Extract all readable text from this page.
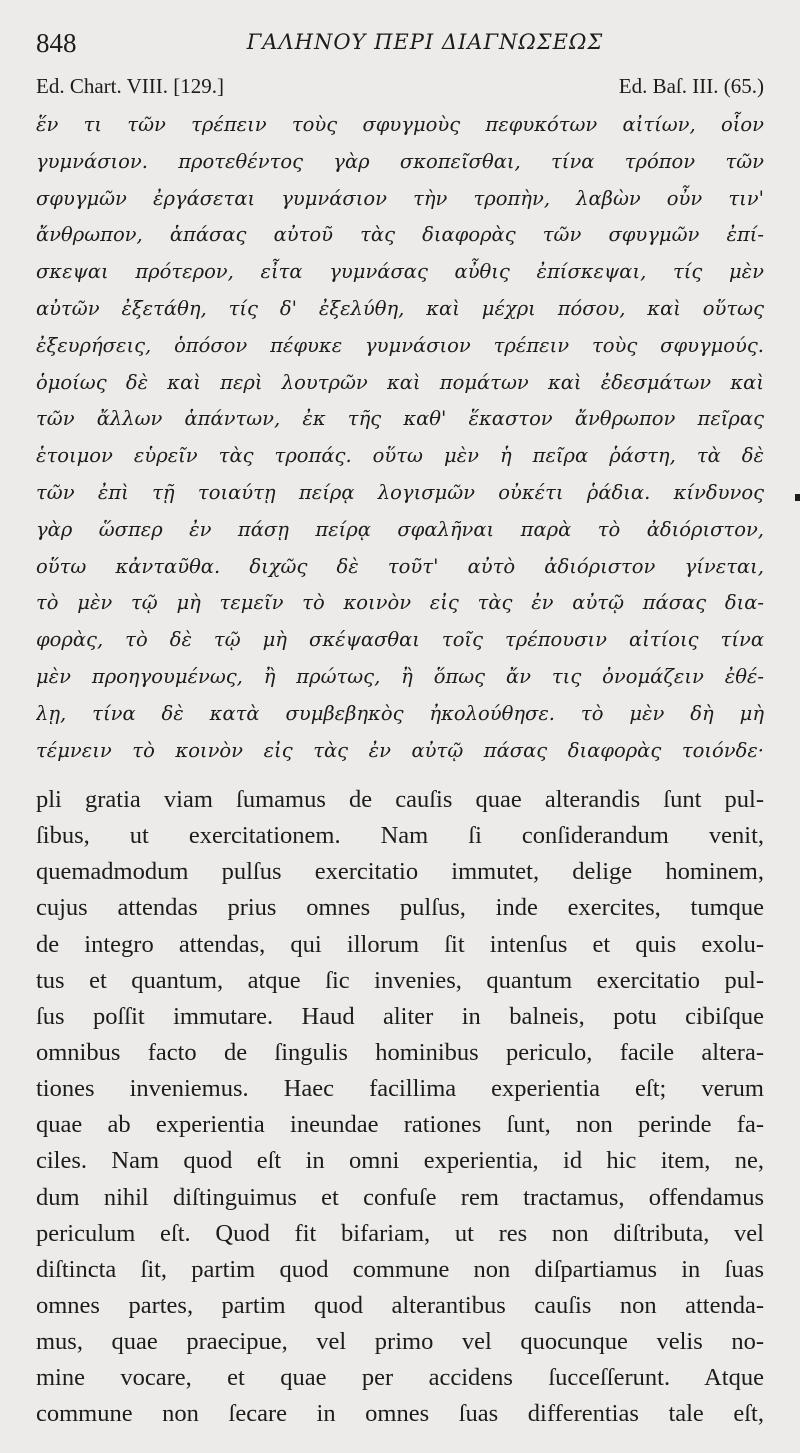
848	ΓΑΛΗΝΟΥ ΠΕΡΙ ΔΙΑΓΝΩΣΕΩΣ
Ed. Chart. VIII. [129.]	Ed. Baſ. III. (65.)
ἕν τι τῶν τρέπειν τοὺς σφυγμοὺς πεφυκότων αἰτίων, οἷον
γυμνάσιον. προτεθέντος γὰρ σκοπεῖσθαι, τίνα τρόπον τῶν
σφυγμῶν ἐργάσεται γυμνάσιον τὴν τροπὴν, λαβὼν οὖν τιν'
ἄνθρωπον, ἁπάσας αὐτοῦ τὰς διαφορὰς τῶν σφυγμῶν ἐπί-
σκεψαι πρότερον, εἶτα γυμνάσας αὖθις ἐπίσκεψαι, τίς μὲν
αὐτῶν ἐξετάθη, τίς δ' ἐξελύθη, καὶ μέχρι πόσου, καὶ οὕτως
ἐξευρήσεις, ὁπόσον πέφυκε γυμνάσιον τρέπειν τοὺς σφυγμούς.
ὁμοίως δὲ καὶ περὶ λουτρῶν καὶ πομάτων καὶ ἐδεσμάτων καὶ
τῶν ἄλλων ἁπάντων, ἐκ τῆς καθ' ἕκαστον ἄνθρωπον πεῖρας
ἑτοιμον εὑρεῖν τὰς τροπάς. οὕτω μὲν ἡ πεῖρα ῥάστη, τὰ δὲ
τῶν ἐπὶ τῇ τοιαύτῃ πείρᾳ λογισμῶν οὐκέτι ῥάδια. κίνδυνος
γὰρ ὥσπερ ἐν πάσῃ πείρᾳ σφαλῆναι παρὰ τὸ ἀδιόριστον,
οὕτω κἀνταῦθα. διχῶς δὲ τοῦτ' αὐτὸ ἀδιόριστον γίνεται,
τὸ μὲν τῷ μὴ τεμεῖν τὸ κοινὸν εἰς τὰς ἐν αὐτῷ πάσας δια-
φορὰς, τὸ δὲ τῷ μὴ σκέψασθαι τοῖς τρέπουσιν αἰτίοις τίνα
μὲν προηγουμένως, ἢ πρώτως, ἢ ὅπως ἄν τις ὀνομάζειν ἐθέ-
λῃ, τίνα δὲ κατὰ συμβεβηκὸς ἠκολούθησε. τὸ μὲν δὴ μὴ
τέμνειν τὸ κοινὸν εἰς τὰς ἐν αὐτῷ πάσας διαφορὰς τοιόνδε·
pli gratia viam ſumamus de cauſis quae alterandis ſunt pul-
ſibus, ut exercitationem. Nam ſi conſiderandum venit,
quemadmodum pulſus exercitatio immutet, delige hominem,
cujus attendas prius omnes pulſus, inde exercites, tumque
de integro attendas, qui illorum ſit intenſus et quis exolu-
tus et quantum, atque ſic invenies, quantum exercitatio pul-
ſus poſſit immutare. Haud aliter in balneis, potu cibiſque
omnibus facto de ſingulis hominibus periculo, facile altera-
tiones inveniemus. Haec facillima experientia eſt; verum
quae ab experientia ineundae rationes ſunt, non perinde fa-
ciles. Nam quod eſt in omni experientia, id hic item, ne,
dum nihil diſtinguimus et confuſe rem tractamus, offendamus
periculum eſt. Quod fit bifariam, ut res non diſtributa, vel
diſtincta ſit, partim quod commune non diſpartiamus in ſuas
omnes partes, partim quod alterantibus cauſis non attenda-
mus, quae praecipue, vel primo vel quocunque velis no-
mine vocare, et quae per accidens ſucceſſerunt. Atque
commune non ſecare in omnes ſuas differentias tale eſt,
